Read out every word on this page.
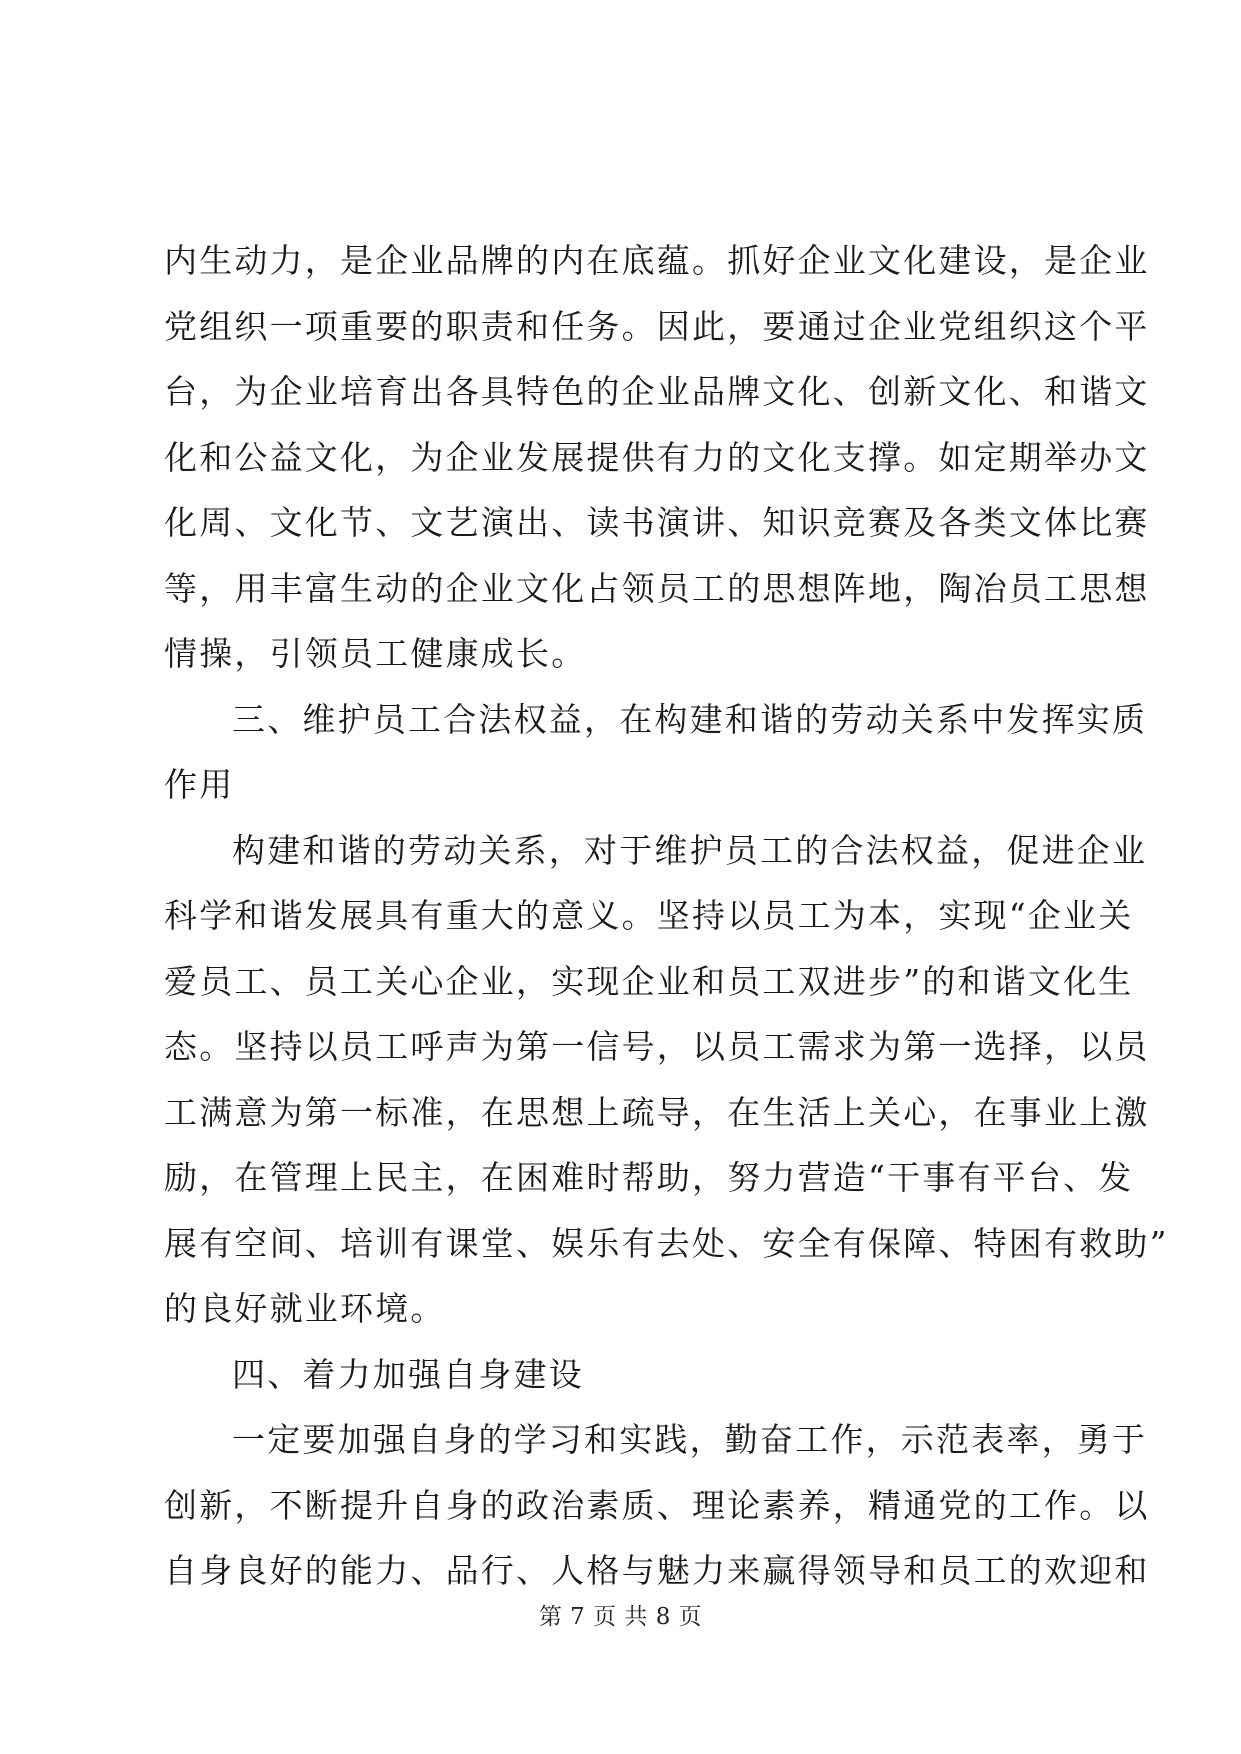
内生动力，是企业品牌的内在底蕴。抓好企业文化建设，是企业
党组织一项重要的职责和任务。因此，要通过企业党组织这个平
台，为企业培育出各具特色的企业品牌文化、创新文化、和谐文
化和公益文化，为企业发展提供有力的文化支撑。如定期举办文
化周、文化节、文艺演出、读书演讲、知识竞赛及各类文体比赛
等，用丰富生动的企业文化占领员工的思想阵地，陶冶员工思想
情操，引领员工健康成长。
三、维护员工合法权益，在构建和谐的劳动关系中发挥实质
作用
构建和谐的劳动关系，对于维护员工的合法权益，促进企业
科学和谐发展具有重大的意义。坚持以员工为本，实现“企业关
爱员工、员工关心企业，实现企业和员工双进步”的和谐文化生
态。坚持以员工呼声为第一信号，以员工需求为第一选择，以员
工满意为第一标准，在思想上疏导，在生活上关心，在事业上激
励，在管理上民主，在困难时帮助，努力营造“干事有平台、发
展有空间、培训有课堂、娱乐有去处、安全有保障、特困有救助”
的良好就业环境。
四、着力加强自身建设
一定要加强自身的学习和实践，勤奋工作，示范表率，勇于
创新，不断提升自身的政治素质、理论素养，精通党的工作。以
自身良好的能力、品行、人格与魅力来赢得领导和员工的欢迎和
第 7 页 共 8 页
